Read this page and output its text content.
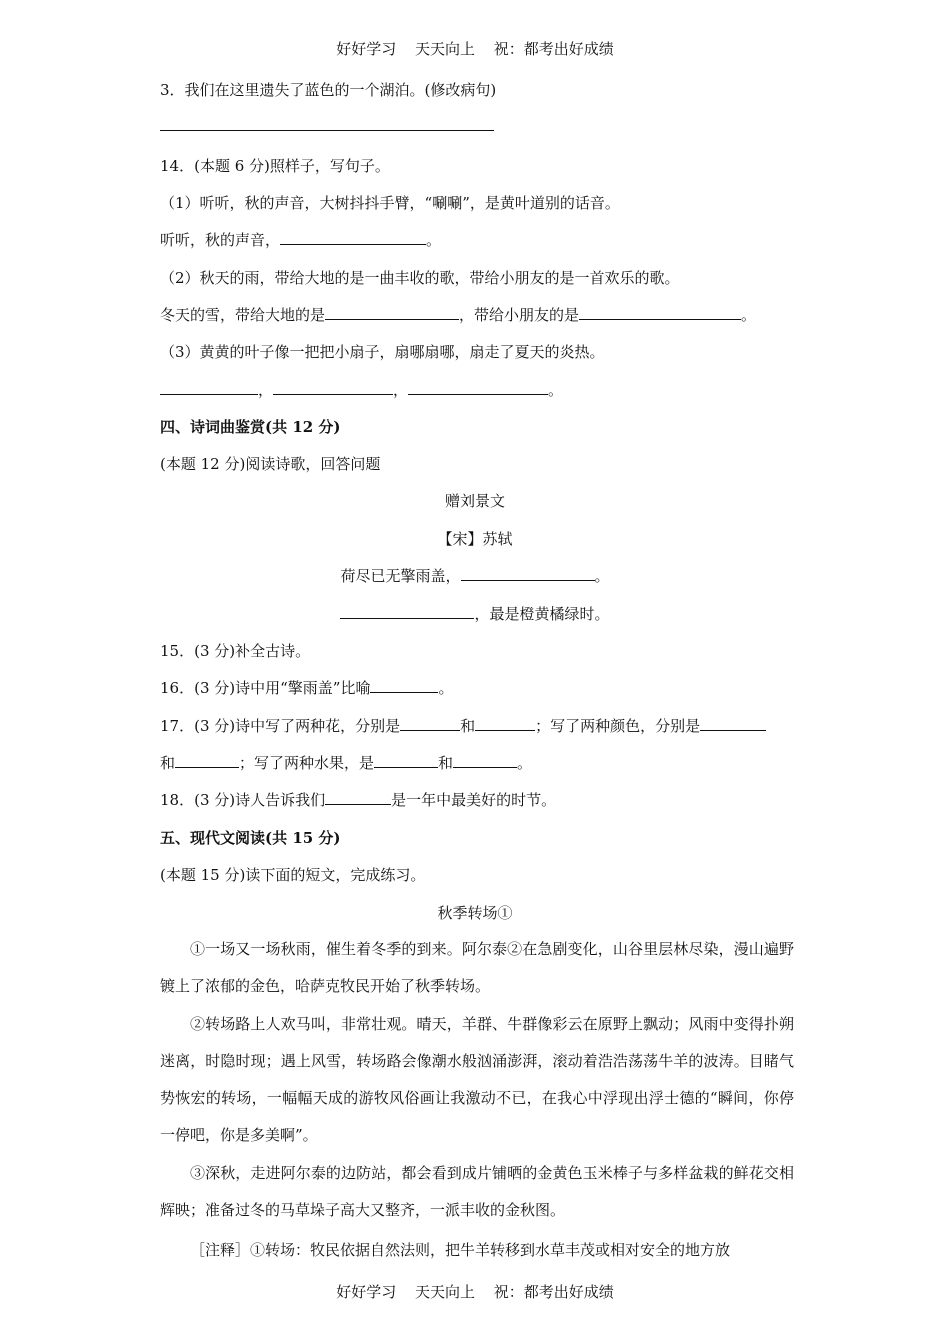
好好学习 天天向上 祝：都考出好成绩
3．我们在这里遗失了蓝色的一个湖泊。(修改病句)
14．(本题 6 分)照样子，写句子。
（1）听听，秋的声音，大树抖抖手臂，“唰唰”，是黄叶道别的话音。
听听，秋的声音，	。
（2）秋天的雨，带给大地的是一曲丰收的歌，带给小朋友的是一首欢乐的歌。
冬天的雪，带给大地的是	，带给小朋友的是	。
（3）黄黄的叶子像一把把小扇子，扇哪扇哪，扇走了夏天的炎热。
，	，	。
四、诗词曲鉴赏(共 12 分)
(本题 12 分)阅读诗歌，回答问题
赠刘景文
【宋】苏轼
荷尽已无擎雨盖，	。
，最是橙黄橘绿时。
15．(3 分)补全古诗。
16．(3 分)诗中用“擎雨盖”比喻	。
17．(3 分)诗中写了两种花，分别是	和	；写了两种颜色，分别是
和	；写了两种水果，是	和	。
18．(3 分)诗人告诉我们	是一年中最美好的时节。
五、现代文阅读(共 15 分)
(本题 15 分)读下面的短文，完成练习。
秋季转场①
①一场又一场秋雨，催生着冬季的到来。阿尔泰②在急剧变化，山谷里层林尽染，漫山遍野镀上了浓郁的金色，哈萨克牧民开始了秋季转场。
②转场路上人欢马叫，非常壮观。晴天，羊群、牛群像彩云在原野上飘动；风雨中变得扑朔迷离，时隐时现；遇上风雪，转场路会像潮水般汹涌澎湃，滚动着浩浩荡荡牛羊的波涛。目睹气势恢宏的转场，一幅幅天成的游牧风俗画让我激动不已，在我心中浮现出浮士德的“瞬间，你停一停吧，你是多美啊”。
③深秋，走进阿尔泰的边防站，都会看到成片铺晒的金黄色玉米棒子与多样盆栽的鲜花交相辉映；准备过冬的马草垛子高大又整齐，一派丰收的金秋图。
［注释］①转场：牧民依据自然法则，把牛羊转移到水草丰茂或相对安全的地方放
好好学习 天天向上 祝：都考出好成绩
